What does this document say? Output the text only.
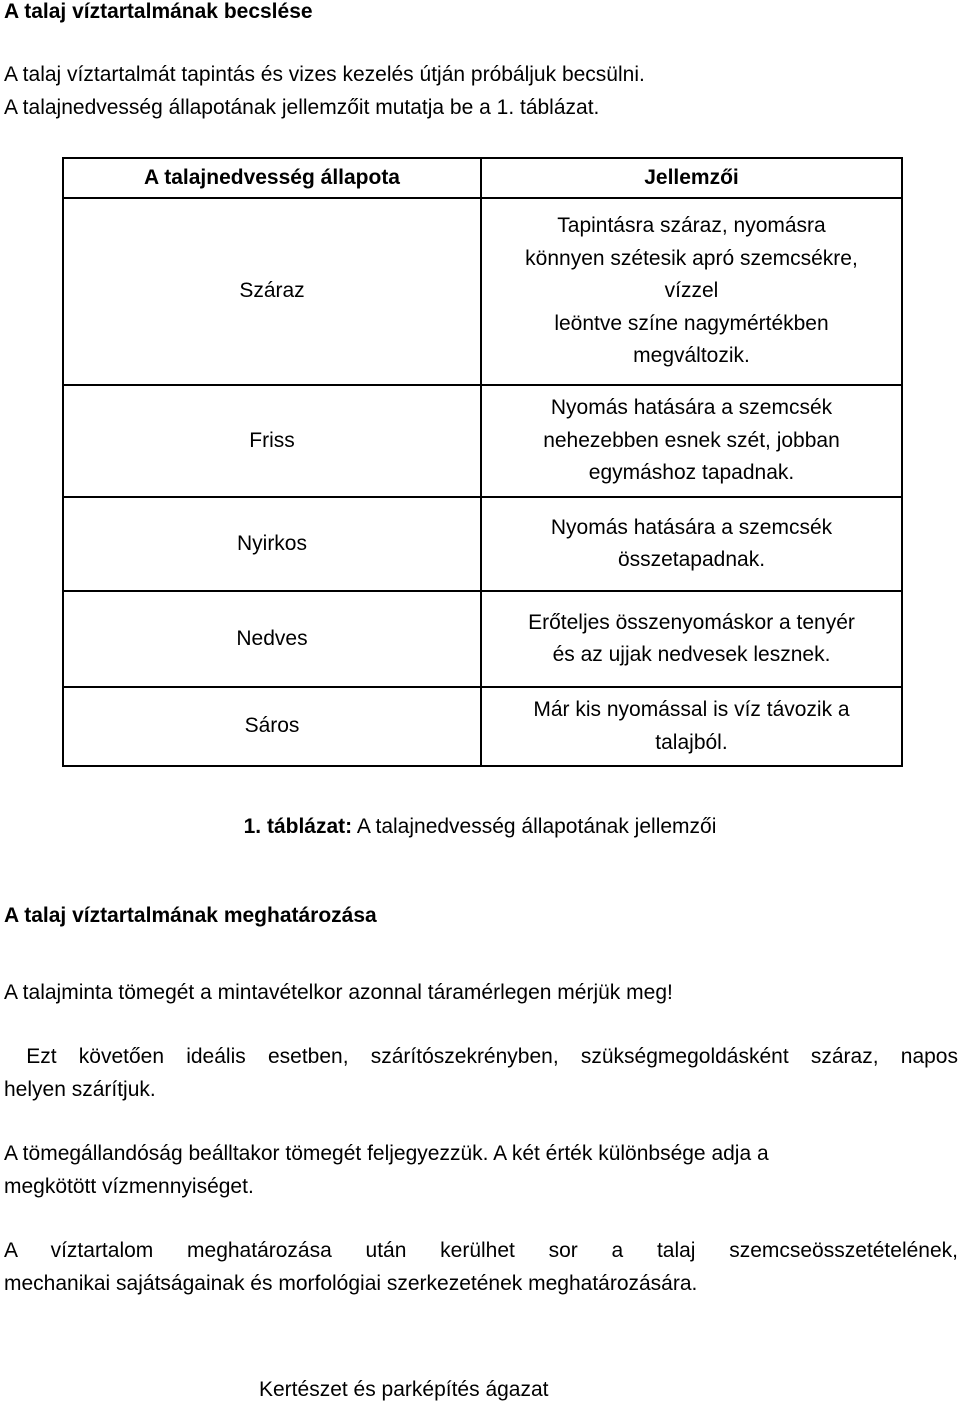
A talaj víztartalmának becslése
A talaj víztartalmát tapintás és vizes kezelés útján próbáljuk becsülni.
A talajnedvesség állapotának jellemzőit mutatja be a 1. táblázat.
A talajnedvesség állapota	Jellemzői
Száraz	Tapintásra száraz, nyomásra
könnyen szétesik apró szemcsékre,
vízzel
leöntve színe nagymértékben
megváltozik.

Friss	Nyomás hatására a szemcsék
nehezebben esnek szét, jobban
egymáshoz tapadnak.

Nyirkos	Nyomás hatására a szemcsék
összetapadnak.

Nedves	Erőteljes összenyomáskor a tenyér
és az ujjak nedvesek lesznek.

Sáros	Már kis nyomással is víz távozik a
talajból.
1. táblázat: A talajnedvesség állapotának jellemzői
A talaj víztartalmának meghatározása
A talajminta tömegét a mintavételkor azonnal táramérlegen mérjük meg!
Ezt követően ideális esetben, szárítószekrényben, szükségmegoldásként száraz, napos
helyen szárítjuk.
A tömegállandóság beálltakor tömegét feljegyezzük. A két érték különbsége adja a
megkötött vízmennyiséget.
A víztartalom meghatározása után kerülhet sor a talaj szemcseösszetételének,
mechanikai sajátságainak és morfológiai szerkezetének meghatározására.
Kertészet és parképítés ágazat
